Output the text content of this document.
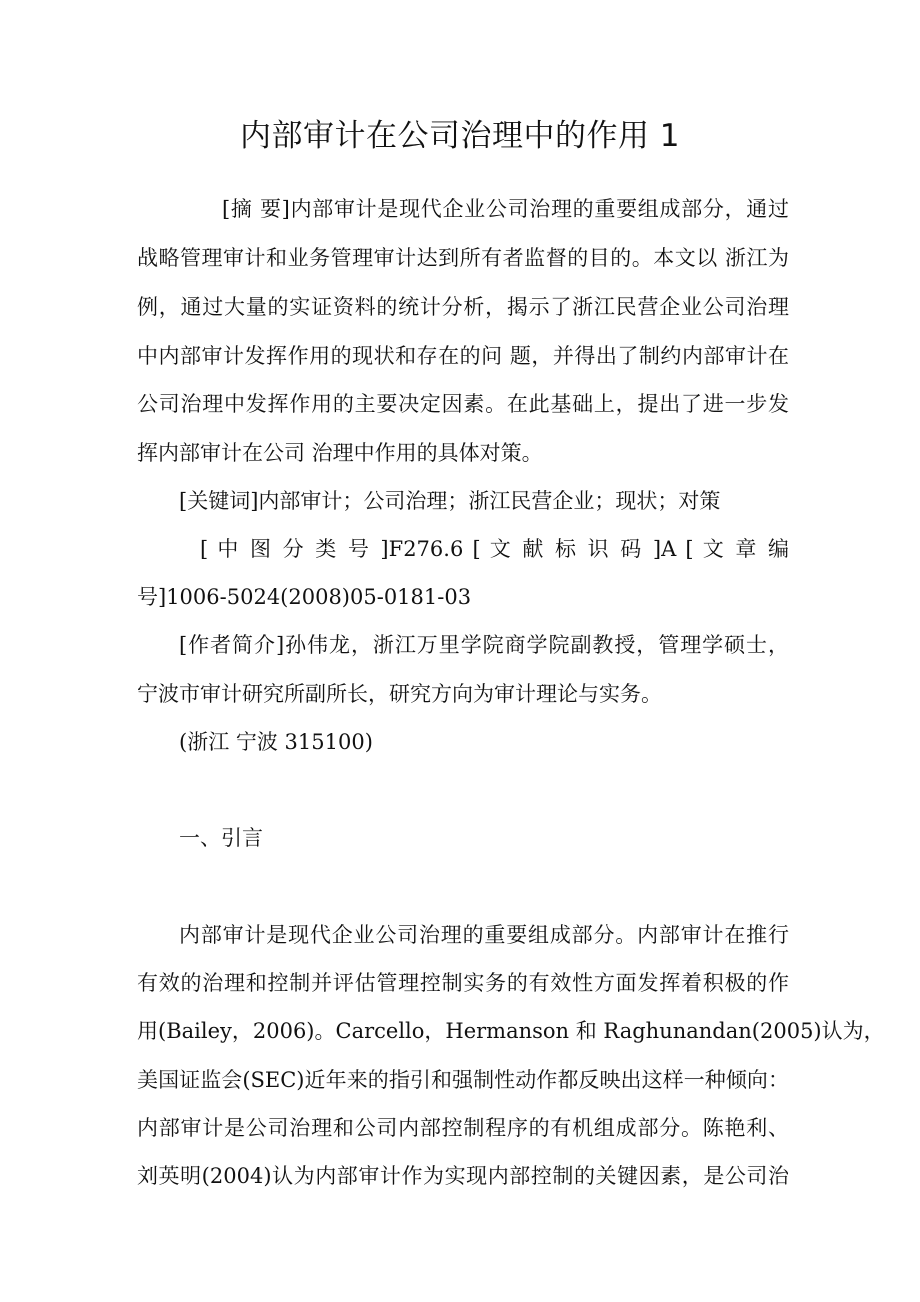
内部审计在公司治理中的作用 1
[摘 要]内部审计是现代企业公司治理的重要组成部分，通过
战略管理审计和业务管理审计达到所有者监督的目的。本文以 浙江为
例，通过大量的实证资料的统计分析，揭示了浙江民营企业公司治理
中内部审计发挥作用的现状和存在的问 题，并得出了制约内部审计在
公司治理中发挥作用的主要决定因素。在此基础上，提出了进一步发
挥内部审计在公司 治理中作用的具体对策。
[关键词]内部审计；公司治理；浙江民营企业；现状；对策
[ 中 图 分 类 号 ]F276.6 [ 文 献 标 识 码 ]A [ 文 章 编
号]1006-5024(2008)05-0181-03
[作者简介]孙伟龙，浙江万里学院商学院副教授，管理学硕士，
宁波市审计研究所副所长，研究方向为审计理论与实务。
(浙江 宁波 315100)
一、引言
内部审计是现代企业公司治理的重要组成部分。内部审计在推行
有效的治理和控制并评估管理控制实务的有效性方面发挥着积极的作
用(Bailey，2006)。Carcello，Hermanson 和 Raghunandan(2005)认为，
美国证监会(SEC)近年来的指引和强制性动作都反映出这样一种倾向：
内部审计是公司治理和公司内部控制程序的有机组成部分。陈艳利、
刘英明(2004)认为内部审计作为实现内部控制的关键因素，是公司治
